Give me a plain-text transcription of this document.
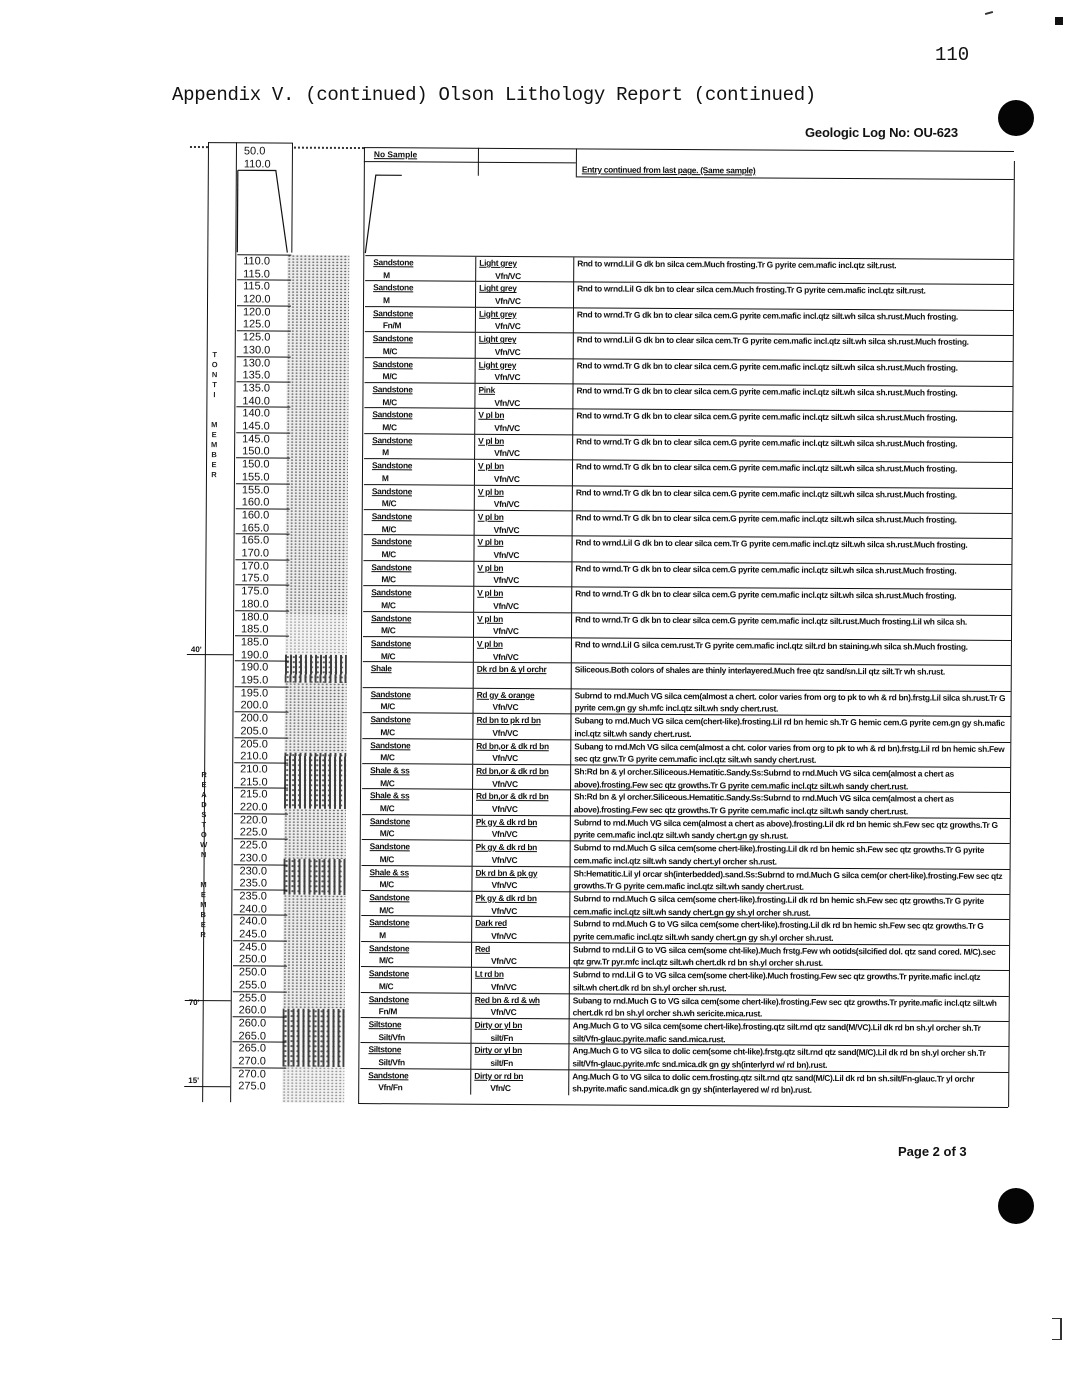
110
Appendix V. (continued) Olson Lithology Report (continued)
Geologic Log No: OU-623
T
O
N
T
I

M
E
M
B
E
R
R
E
A
D
S
T
O
W
N

M
E
M
B
E
R
40'
70'
15'
50.0
110.0
No Sample
Entry continued from last page. (Same sample)
Sandstone
M
Light grey
Vfn/VC
Rnd to wrnd.Lil G dk bn silca cem.Much frosting.Tr G pyrite cem.mafic incl.qtz silt.rust.
Sandstone
M
Light grey
Vfn/VC
Rnd to wrnd.Lil G dk bn to clear silca cem.Much frosting.Tr G pyrite cem.mafic incl.qtz silt.rust.
Sandstone
Fn/M
Light grey
Vfn/VC
Rnd to wrnd.Tr G dk bn to clear silca cem.G pyrite cem.mafic incl.qtz silt.wh silca sh.rust.Much frosting.
Sandstone
M/C
Light grey
Vfn/VC
Rnd to wrnd.Lil G dk bn to clear silca cem.Tr G pyrite cem.mafic incl.qtz silt.wh silca sh.rust.Much frosting.
Sandstone
M/C
Light grey
Vfn/VC
Rnd to wrnd.Tr G dk bn to clear silca cem.G pyrite cem.mafic incl.qtz silt.wh silca sh.rust.Much frosting.
Sandstone
M/C
Pink
Vfn/VC
Rnd to wrnd.Tr G dk bn to clear silca cem.G pyrite cem.mafic incl.qtz silt.wh silca sh.rust.Much frosting.
Sandstone
M/C
V pl bn
Vfn/VC
Rnd to wrnd.Tr G dk bn to clear silca cem.G pyrite cem.mafic incl.qtz silt.wh silca sh.rust.Much frosting.
Sandstone
M
V pl bn
Vfn/VC
Rnd to wrnd.Tr G dk bn to clear silca cem.G pyrite cem.mafic incl.qtz silt.wh silca sh.rust.Much frosting.
Sandstone
M
V pl bn
Vfn/VC
Rnd to wrnd.Tr G dk bn to clear silca cem.G pyrite cem.mafic incl.qtz silt.wh silca sh.rust.Much frosting.
Sandstone
M/C
V pl bn
Vfn/VC
Rnd to wrnd.Tr G dk bn to clear silca cem.G pyrite cem.mafic incl.qtz silt.wh silca sh.rust.Much frosting.
Sandstone
M/C
V pl bn
Vfn/VC
Rnd to wrnd.Tr G dk bn to clear silca cem.G pyrite cem.mafic incl.qtz silt.wh silca sh.rust.Much frosting.
Sandstone
M/C
V pl bn
Vfn/VC
Rnd to wrnd.Lil G dk bn to clear silca cem.Tr G pyrite cem.mafic incl.qtz silt.wh silca sh.rust.Much frosting.
Sandstone
M/C
V pl bn
Vfn/VC
Rnd to wrnd.Tr G dk bn to clear silca cem.G pyrite cem.mafic incl.qtz silt.wh silca sh.rust.Much frosting.
Sandstone
M/C
V pl bn
Vfn/VC
Rnd to wrnd.Tr G dk bn to clear silca cem.G pyrite cem.mafic incl.qtz silt.wh silca sh.rust.Much frosting.
Sandstone
M/C
V pl bn
Vfn/VC
Rnd to wrnd.Tr G dk bn to clear silca cem.G pyrite cem.mafic incl.qtz silt.rust.Much frosting.Lil wh silca sh.
Sandstone
M/C
V pl bn
Vfn/VC
Rnd to wrnd.Lil G silca cem.rust.Tr G pyrite cem.mafic incl.qtz silt.rd bn staining.wh silca sh.Much frosting.
Shale	Dk rd bn & yl orchr	Siliceous.Both colors of shales are thinly interlayered.Much free qtz sand/sn.Lil qtz silt.Tr wh sh.rust.
Sandstone
M/C
Rd gy & orange
Vfn/VC
Subrnd to rnd.Much VG silca cem(almost a chert. color varies from org to pk to wh & rd bn).frstg.Lil silca sh.rust.Tr G pyrite cem.gn gy sh.mfc incl.qtz silt.wh sndy chert.rust.
Sandstone
M/C
Rd bn to pk rd bn
Vfn/VC
Subang to rnd.Much VG silca cem(chert-like).frosting.Lil rd bn hemic sh.Tr G hemic cem.G pyrite cem.gn gy sh.mafic incl.qtz silt.wh sandy chert.rust.
Sandstone
M/C
Rd bn,or & dk rd bn
Vfn/VC
Subang to rnd.Mch VG silca cem(almost a cht. color varies from org to pk to wh & rd bn).frstg.Lil rd bn hemic sh.Few sec qtz grw.Tr G pyrite cem.mafic incl.qtz silt.wh sandy chert.rust.
Shale & ss
M/C
Rd bn,or & dk rd bn
Vfn/VC
Sh:Rd bn & yl orcher.Siliceous.Hematitic.Sandy.Ss:Subrnd to rnd.Much VG silca cem(almost a chert as above).frosting.Few sec qtz growths.Tr G pyrite cem.mafic incl.qtz silt.wh sandy chert.rust.
Shale & ss
M/C
Rd bn,or & dk rd bn
Vfn/VC
Sh:Rd bn & yl orcher.Siliceous.Hematitic.Sandy.Ss:Subrnd to rnd.Much VG silca cem(almost a chert as above).frosting.Few sec qtz growths.Tr G pyrite cem.mafic incl.qtz silt.wh sandy chert.rust.
Sandstone
M/C
Pk gy & dk rd bn
Vfn/VC
Subrnd to rnd.Much VG silca cem(almost a chert as above).frosting.Lil dk rd bn hemic sh.Few sec qtz growths.Tr G pyrite cem.mafic incl.qtz silt.wh sandy chert.gn gy sh.rust.
Sandstone
M/C
Pk gy & dk rd bn
Vfn/VC
Subrnd to rnd.Much G silca cem(some chert-like).frosting.Lil dk rd bn hemic sh.Few sec qtz growths.Tr G pyrite cem.mafic incl.qtz silt.wh sandy chert.yl orcher sh.rust.
Shale & ss
M/C
Dk rd bn & pk gy
Vfn/VC
Sh:Hematitic.Lil yl orcar sh(interbedded).sand.Ss:Subrnd to rnd.Much G silca cem(or chert-like).frosting.Few sec qtz growths.Tr G pyrite cem.mafic incl.qtz silt.wh sandy chert.rust.
Sandstone
M/C
Pk gy & dk rd bn
Vfn/VC
Subrnd to rnd.Much G silca cem(some chert-like).frosting.Lil dk rd bn hemic sh.Few sec qtz growths.Tr G pyrite cem.mafic incl.qtz silt.wh sandy chert.gn gy sh.yl orcher sh.rust.
Sandstone
M
Dark red
Vfn/VC
Subrnd to rnd.Much G to VG silca cem(some chert-like).frosting.Lil dk rd bn hemic sh.Few sec qtz growths.Tr G pyrite cem.mafic incl.qtz silt.wh sandy chert.gn gy sh.yl orcher sh.rust.
Sandstone
M/C
Red
Vfn/VC
Subrnd to rnd.Lil G to VG silca cem(some cht-like).Much frstg.Few wh ootids(silcified dol. qtz sand cored. M/C).sec qtz grw.Tr pyr.mfc incl.qtz silt.wh chert.dk rd bn sh.yl orcher sh.rust.
Sandstone
M/C
Lt rd bn
Vfn/VC
Subrnd to rnd.Lil G to VG silca cem(some chert-like).Much frosting.Few sec qtz growths.Tr pyrite.mafic incl.qtz silt.wh chert.dk rd bn sh.yl orcher sh.rust.
Sandstone
Fn/M
Red bn & rd & wh
Vfn/VC
Subang to rnd.Much G to VG silca cem(some chert-like).frosting.Few sec qtz growths.Tr pyrite.mafic incl.qtz silt.wh chert.dk rd bn sh.yl orcher sh.wh sericite.mica.rust.
Siltstone
Silt/Vfn
Dirty or yl bn
silt/Fn
Ang.Much G to VG silca cem(some chert-like).frosting.qtz silt.rnd qtz sand(M/VC).Lil dk rd bn sh.yl orcher sh.Tr silt/Vfn-glauc.pyrite.mafic sand.mica.rust.
Siltstone
Silt/Vfn
Dirty or yl bn
silt/Fn
Ang.Much G to VG silca to dolic cem(some cht-like).frstg.qtz silt.rnd qtz sand(M/C).Lil dk rd bn sh.yl orcher sh.Tr silt/Vfn-glauc.pyrite.mfc snd.mica.dk gn gy sh(interlyrd w/ rd bn).rust.
Sandstone
Vfn/Fn
Dirty or rd bn
Vfn/C
Ang.Much G to VG silca to dolic cem.frosting.qtz silt.rnd qtz sand(M/C).Lil dk rd bn sh.silt/Fn-glauc.Tr yl orchr sh.pyrite.mafic sand.mica.dk gn gy sh(interlayered w/ rd bn).rust.
110.0
115.0
115.0
120.0
120.0
125.0
125.0
130.0
130.0
135.0
135.0
140.0
140.0
145.0
145.0
150.0
150.0
155.0
155.0
160.0
160.0
165.0
165.0
170.0
170.0
175.0
175.0
180.0
180.0
185.0
185.0
190.0
190.0
195.0
195.0
200.0
200.0
205.0
205.0
210.0
210.0
215.0
215.0
220.0
220.0
225.0
225.0
230.0
230.0
235.0
235.0
240.0
240.0
245.0
245.0
250.0
250.0
255.0
255.0
260.0
260.0
265.0
265.0
270.0
270.0
275.0
Page 2 of 3
